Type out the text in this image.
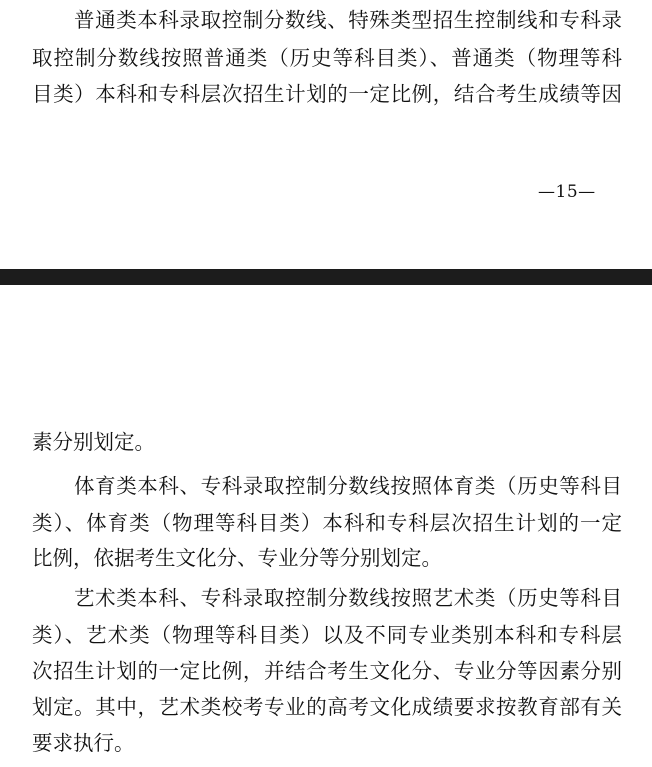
普通类本科录取控制分数线、特殊类型招生控制线和专科录
取控制分数线按照普通类（历史等科目类）、普通类（物理等科
目类）本科和专科层次招生计划的一定比例，结合考生成绩等因
—15—
素分别划定。
体育类本科、专科录取控制分数线按照体育类（历史等科目
类）、体育类（物理等科目类）本科和专科层次招生计划的一定
比例，依据考生文化分、专业分等分别划定。
艺术类本科、专科录取控制分数线按照艺术类（历史等科目
类）、艺术类（物理等科目类）以及不同专业类别本科和专科层
次招生计划的一定比例，并结合考生文化分、专业分等因素分别
划定。其中，艺术类校考专业的高考文化成绩要求按教育部有关
要求执行。
